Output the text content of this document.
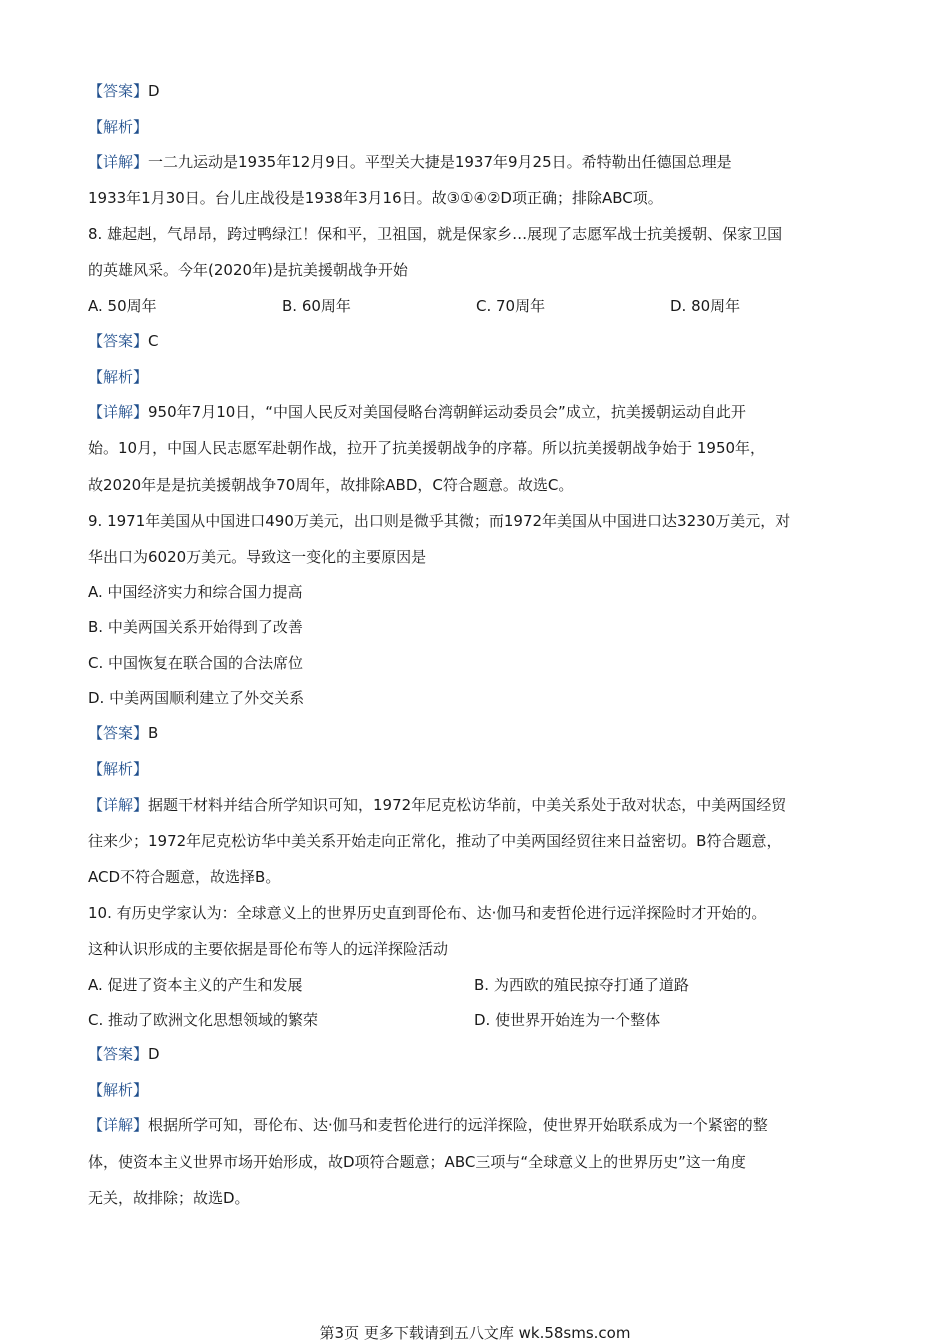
【答案】D
【解析】
【详解】一二九运动是1935年12月9日。平型关大捷是1937年9月25日。希特勒出任德国总理是
1933年1月30日。台儿庄战役是1938年3月16日。故③①④②D项正确；排除ABC项。
8. 雄起赳，气昂昂，跨过鸭绿江！保和平，卫祖国，就是保家乡…展现了志愿军战士抗美援朝、保家卫国
的英雄风采。今年(2020年)是抗美援朝战争开始
A. 50周年	B. 60周年	C. 70周年	D. 80周年
【答案】C
【解析】
【详解】950年7月10日，“中国人民反对美国侵略台湾朝鲜运动委员会”成立，抗美援朝运动自此开
始。10月，中国人民志愿军赴朝作战，拉开了抗美援朝战争的序幕。所以抗美援朝战争始于 1950年，
故2020年是是抗美援朝战争70周年，故排除ABD，C符合题意。故选C。
9. 1971年美国从中国进口490万美元，出口则是微乎其微；而1972年美国从中国进口达3230万美元，对
华出口为6020万美元。导致这一变化的主要原因是
A. 中国经济实力和综合国力提高
B. 中美两国关系开始得到了改善
C. 中国恢复在联合国的合法席位
D. 中美两国顺利建立了外交关系
【答案】B
【解析】
【详解】据题干材料并结合所学知识可知，1972年尼克松访华前，中美关系处于敌对状态，中美两国经贸
往来少；1972年尼克松访华中美关系开始走向正常化，推动了中美两国经贸往来日益密切。B符合题意，
ACD不符合题意，故选择B。
10. 有历史学家认为：全球意义上的世界历史直到哥伦布、达·伽马和麦哲伦进行远洋探险时才开始的。
这种认识形成的主要依据是哥伦布等人的远洋探险活动
A. 促进了资本主义的产生和发展	B. 为西欧的殖民掠夺打通了道路
C. 推动了欧洲文化思想领域的繁荣	D. 使世界开始连为一个整体
【答案】D
【解析】
【详解】根据所学可知，哥伦布、达·伽马和麦哲伦进行的远洋探险，使世界开始联系成为一个紧密的整
体，使资本主义世界市场开始形成，故D项符合题意；ABC三项与“全球意义上的世界历史”这一角度
无关，故排除；故选D。
第3页 更多下载请到五八文库 wk.58sms.com
